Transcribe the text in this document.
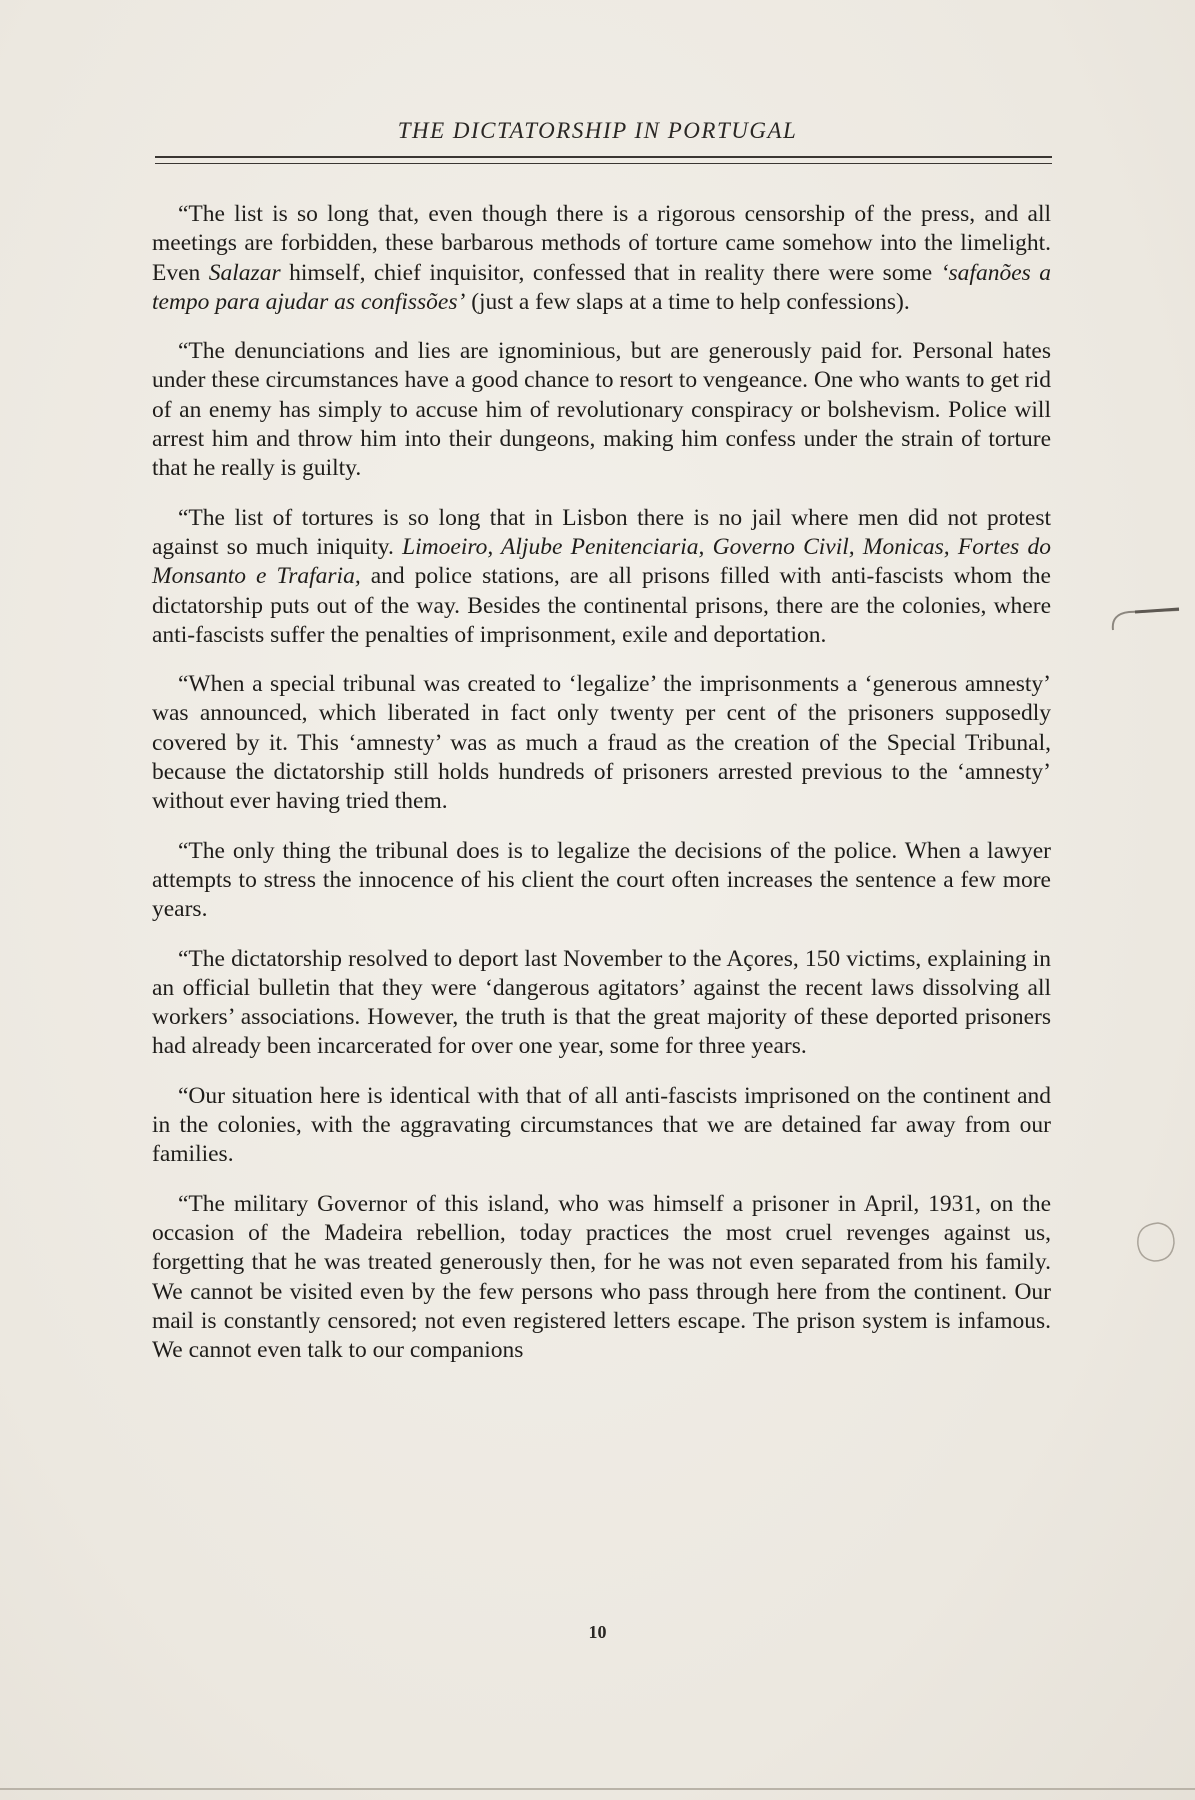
THE DICTATORSHIP IN PORTUGAL

“The list is so long that, even though there is a rigorous censorship of the press, and all meetings are forbidden, these barbarous methods of torture came somehow into the limelight. Even Salazar himself, chief inquisitor, confessed that in reality there were some ‘safanões a tempo para ajudar as confissões’ (just a few slaps at a time to help confessions).

“The denunciations and lies are ignominious, but are generously paid for. Personal hates under these circumstances have a good chance to resort to vengeance. One who wants to get rid of an enemy has simply to accuse him of revolutionary conspiracy or bolshevism. Police will arrest him and throw him into their dungeons, making him confess under the strain of torture that he really is guilty.

“The list of tortures is so long that in Lisbon there is no jail where men did not protest against so much iniquity. Limoeiro, Aljube Penitenciaria, Governo Civil, Monicas, Fortes do Monsanto e Trafaria, and police stations, are all prisons filled with anti-fascists whom the dictatorship puts out of the way. Besides the continental prisons, there are the colonies, where anti-fascists suffer the penalties of imprisonment, exile and deportation.

“When a special tribunal was created to ‘legalize’ the imprisonments a ‘generous amnesty’ was announced, which liberated in fact only twenty per cent of the prisoners supposedly covered by it. This ‘amnesty’ was as much a fraud as the creation of the Special Tribunal, because the dictatorship still holds hundreds of prisoners arrested previous to the ‘amnesty’ without ever having tried them.

“The only thing the tribunal does is to legalize the decisions of the police. When a lawyer attempts to stress the innocence of his client the court often increases the sentence a few more years.

“The dictatorship resolved to deport last November to the Açores, 150 victims, explaining in an official bulletin that they were ‘dangerous agitators’ against the recent laws dissolving all workers’ associations. However, the truth is that the great majority of these deported prisoners had already been incarcerated for over one year, some for three years.

“Our situation here is identical with that of all anti-fascists imprisoned on the continent and in the colonies, with the aggravating circumstances that we are detained far away from our families.

“The military Governor of this island, who was himself a prisoner in April, 1931, on the occasion of the Madeira rebellion, today practices the most cruel revenges against us, forgetting that he was treated generously then, for he was not even separated from his family. We cannot be visited even by the few persons who pass through here from the continent. Our mail is constantly censored; not even registered letters escape. The prison system is infamous. We cannot even talk to our companions

10
